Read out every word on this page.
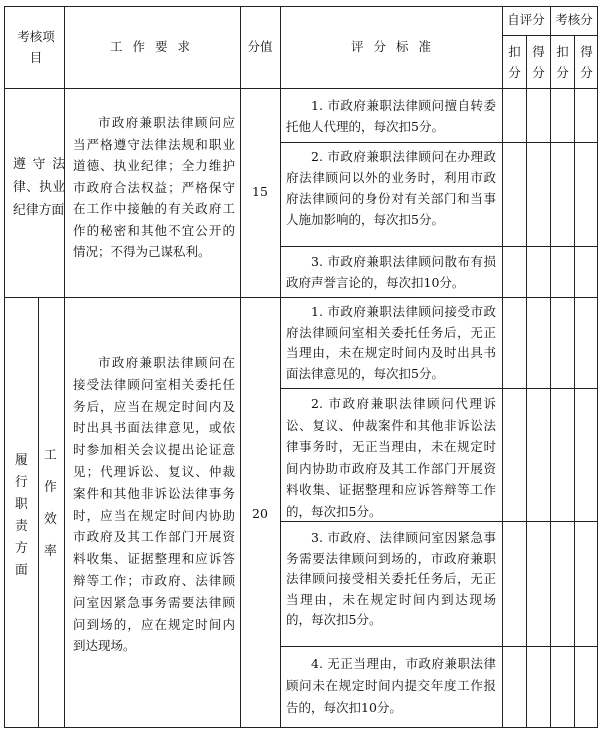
考核项目
工作要求	分值	评分标准
自评分 考核分
扣分
得分
扣分
得分
遵守法律、执业纪律方面
市政府兼职法律顾问应当严格遵守法律法规和职业道德、执业纪律；全力维护市政府合法权益；严格保守在工作中接触的有关政府工作的秘密和其他不宜公开的情况；不得为己谋私利。
15
1. 市政府兼职法律顾问擅自转委托他人代理的，每次扣5分。
2. 市政府兼职法律顾问在办理政府法律顾问以外的业务时，利用市政府法律顾问的身份对有关部门和当事人施加影响的，每次扣5分。
3. 市政府兼职法律顾问散布有损政府声誉言论的，每次扣10分。
履行职责方面
工作效率
市政府兼职法律顾问在接受法律顾问室相关委托任务后，应当在规定时间内及时出具书面法律意见，或依时参加相关会议提出论证意见；代理诉讼、复议、仲裁案件和其他非诉讼法律事务时，应当在规定时间内协助市政府及其工作部门开展资料收集、证据整理和应诉答辩等工作；市政府、法律顾问室因紧急事务需要法律顾问到场的，应在规定时间内到达现场。
20
1. 市政府兼职法律顾问接受市政府法律顾问室相关委托任务后，无正当理由，未在规定时间内及时出具书面法律意见的，每次扣5分。
2. 市政府兼职法律顾问代理诉讼、复议、仲裁案件和其他非诉讼法律事务时，无正当理由，未在规定时间内协助市政府及其工作部门开展资料收集、证据整理和应诉答辩等工作的，每次扣5分。
3. 市政府、法律顾问室因紧急事务需要法律顾问到场的，市政府兼职法律顾问接受相关委托任务后，无正当理由，未在规定时间内到达现场的，每次扣5分。
4. 无正当理由，市政府兼职法律顾问未在规定时间内提交年度工作报告的，每次扣10分。
